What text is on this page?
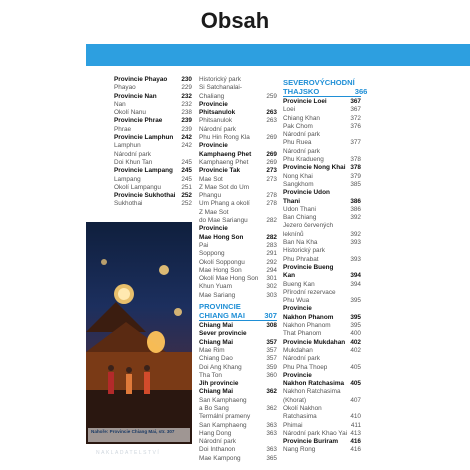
Obsah
Provincie Phayao	230
Phayao	229
Provincie Nan	232
Nan	232
Okolí Nanu	238
Provincie Phrae	239
Phrae	239
Provincie Lamphun	242
Lamphun	242
Národní park
Doi Khun Tan	245
Provincie Lampang	245
Lampang	245
Okolí Lampangu	251
Provincie Sukhothai 252
Sukhothai	252
Historický park
Si Satchanalai-Chaliang	259
Provincie Phitsanulok	263
Phitsanulok	263
Národní park
Phu Hin Rong Kla	269
Provincie
Kamphaeng Phet	269
Kamphaeng Phet	269
Provincie Tak	273
Mae Sot	273
Z Mae Sot do Um Phangu	278
Um Phang a okolí	278
Z Mae Sot
do Mae Sariangu	282
Provincie
Mae Hong Son	282
Pai	283
Soppong	291
Okolí Soppongu	292
Mae Hong Son	294
Okolí Mae Hong Son	301
Khun Yuam	302
Mae Sariang	303
PROVINCIE
CHIANG MAI	307
Chiang Mai	308
Sever provincie
Chiang Mai	357
Mae Rim	357
Chiang Dao	357
Doi Ang Khang	359
Tha Ton	360
Jih provincie
Chiang Mai	362
San Kamphaeng
a Bo Sang	362
Termální prameny
San Kamphaeng	363
Hang Dong	363
Národní park
Doi Inthanon	363
Mae Kampong	365
SEVEROVÝCHODNÍ
THAJSKO	366
Provincie Loei	367
Loei	367
Chiang Khan	372
Pak Chom	376
Národní park
Phu Ruea	377
Národní park
Phu Kradueng	378
Provincie Nong Khai 378
Nong Khai	379
Sangkhom	385
Provincie Udon
Thani	386
Udon Thani	386
Ban Chiang	392
Jezero červených
leknínů	392
Ban Na Kha	393
Historický park
Phu Phrabat	393
Provincie Bueng
Kan	394
Bueng Kan	394
Přírodní rezervace
Phu Wua	395
Provincie
Nakhon Phanom	395
Nakhon Phanom	395
That Phanom	400
Provincie Mukdahan 402
Mukdahan	402
Národní park
Phu Pha Thoep	405
Provincie
Nakhon Ratchasima 405
Nakhon Ratchasima
(Khorat)	407
Okolí Nakhon
Ratchasima	410
Phimai	411
Národní park Khao Yai 413
Provincie Buriram	416
Nang Rong	416
Nahoře: Provincie Chiang Mai, str. 307
NAKLADATELSTVÍ
